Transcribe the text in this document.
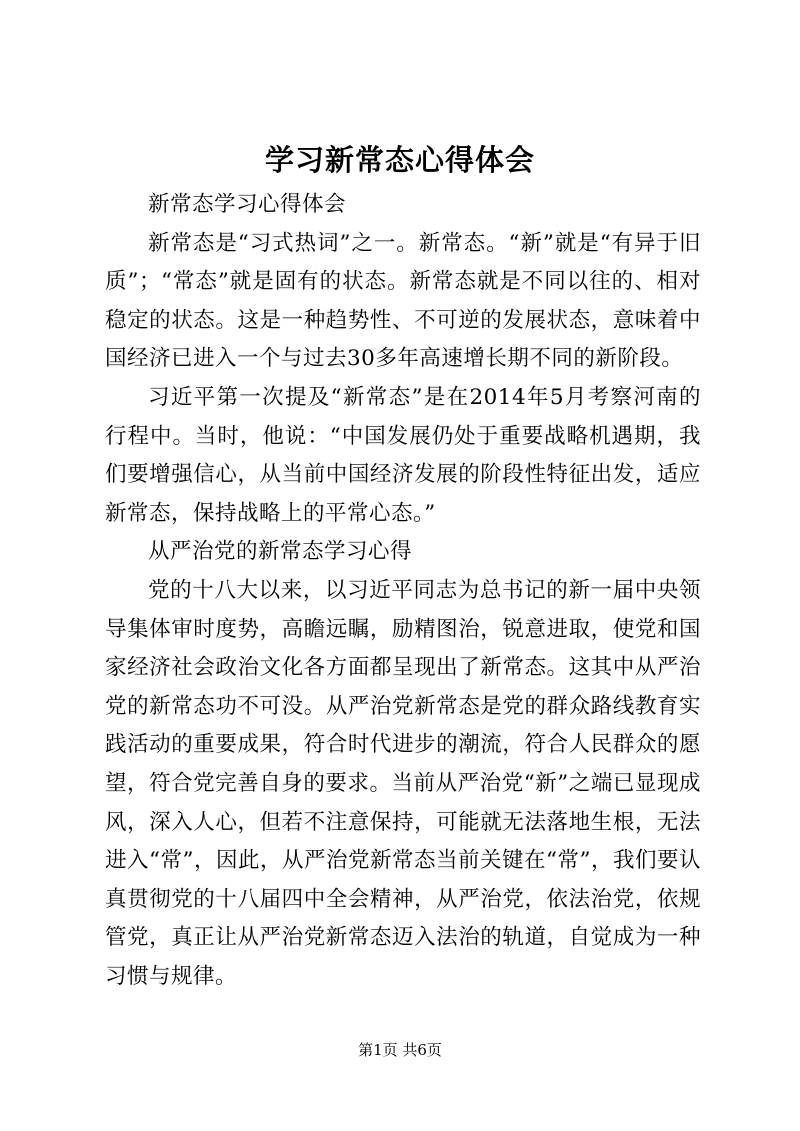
学习新常态心得体会

新常态学习心得体会

新常态是“习式热词”之一。新常态。“新”就是“有异于旧质”；“常态”就是固有的状态。新常态就是不同以往的、相对稳定的状态。这是一种趋势性、不可逆的发展状态，意味着中国经济已进入一个与过去30多年高速增长期不同的新阶段。

习近平第一次提及“新常态”是在2014年5月考察河南的行程中。当时，他说：“中国发展仍处于重要战略机遇期，我们要增强信心，从当前中国经济发展的阶段性特征出发，适应新常态，保持战略上的平常心态。”

从严治党的新常态学习心得

党的十八大以来，以习近平同志为总书记的新一届中央领导集体审时度势，高瞻远瞩，励精图治，锐意进取，使党和国家经济社会政治文化各方面都呈现出了新常态。这其中从严治党的新常态功不可没。从严治党新常态是党的群众路线教育实践活动的重要成果，符合时代进步的潮流，符合人民群众的愿望，符合党完善自身的要求。当前从严治党“新”之端已显现成风，深入人心，但若不注意保持，可能就无法落地生根，无法进入“常”，因此，从严治党新常态当前关键在“常”，我们要认真贯彻党的十八届四中全会精神，从严治党，依法治党，依规管党，真正让从严治党新常态迈入法治的轨道，自觉成为一种习惯与规律。

第1页 共6页
